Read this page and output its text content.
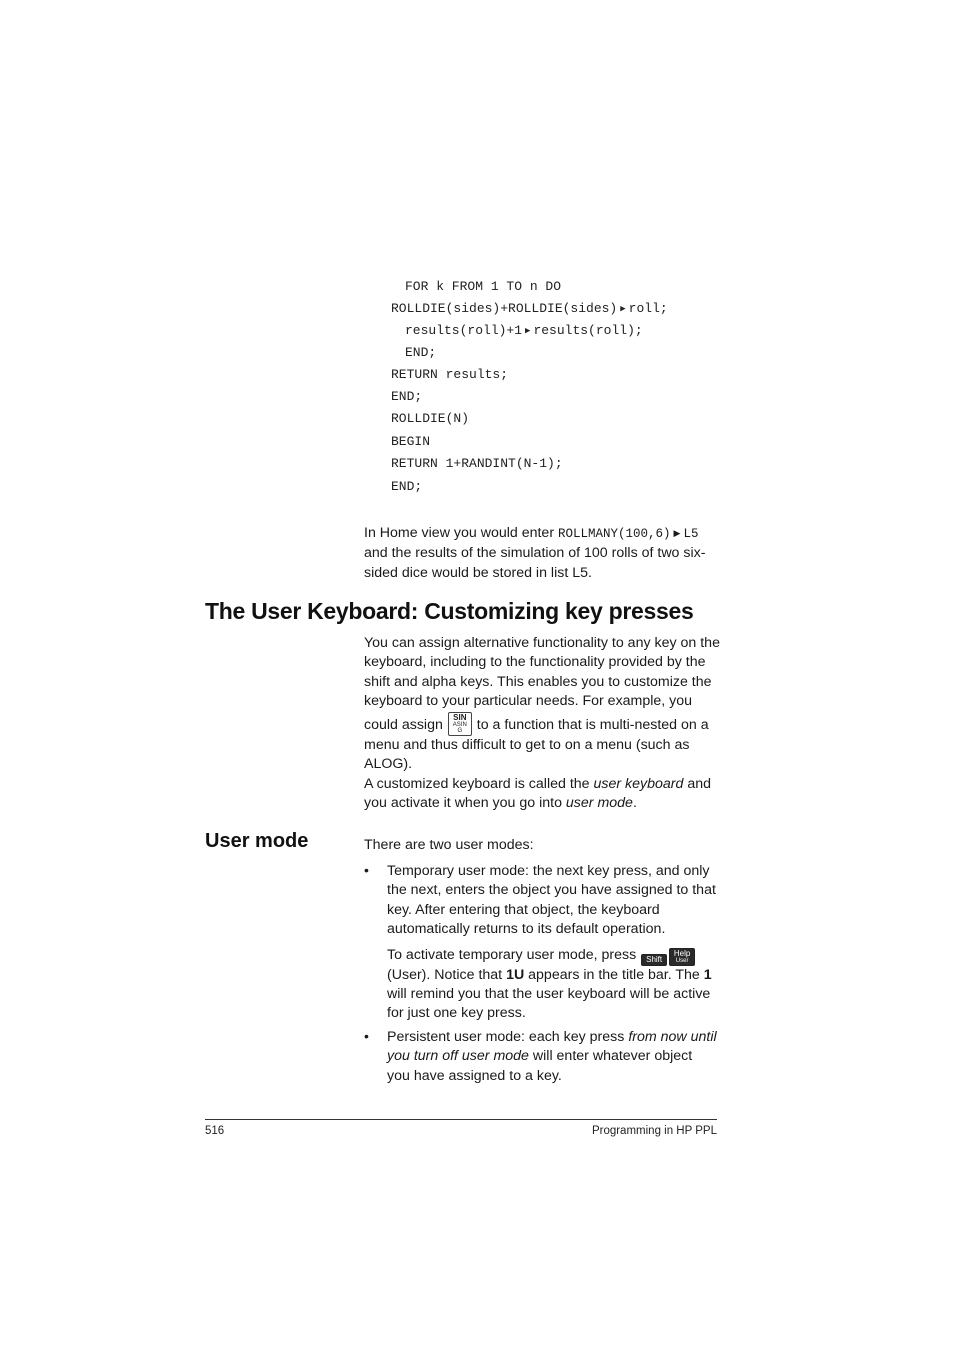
FOR k FROM 1 TO n DO
ROLLDIE(sides)+ROLLDIE(sides) ▶ roll;
results(roll)+1 ▶ results(roll);
END;
RETURN results;
END;
ROLLDIE(N)
BEGIN
RETURN 1+RANDINT(N-1);
END;

In Home view you would enter ROLLMANY(100,6) ▶ L5 and the results of the simulation of 100 rolls of two six-sided dice would be stored in list L5.

The User Keyboard: Customizing key presses

You can assign alternative functionality to any key on the keyboard, including to the functionality provided by the shift and alpha keys. This enables you to customize the keyboard to your particular needs. For example, you could assign SIN
ASIN G to a function that is multi-nested on a menu and thus difficult to get to on a menu (such as ALOG).

A customized keyboard is called the user keyboard and you activate it when you go into user mode.

User mode	There are two user modes:
•	Temporary user mode: the next key press, and only the next, enters the object you have assigned to that key. After entering that object, the keyboard automatically returns to its default operation.

To activate temporary user mode, press Shift
Help
User
(User). Notice that 1U appears in the title bar. The 1 will remind you that the user keyboard will be active for just one key press.

•	Persistent user mode: each key press from now until you turn off user mode will enter whatever object you have assigned to a key.

516	Programming in HP PPL
